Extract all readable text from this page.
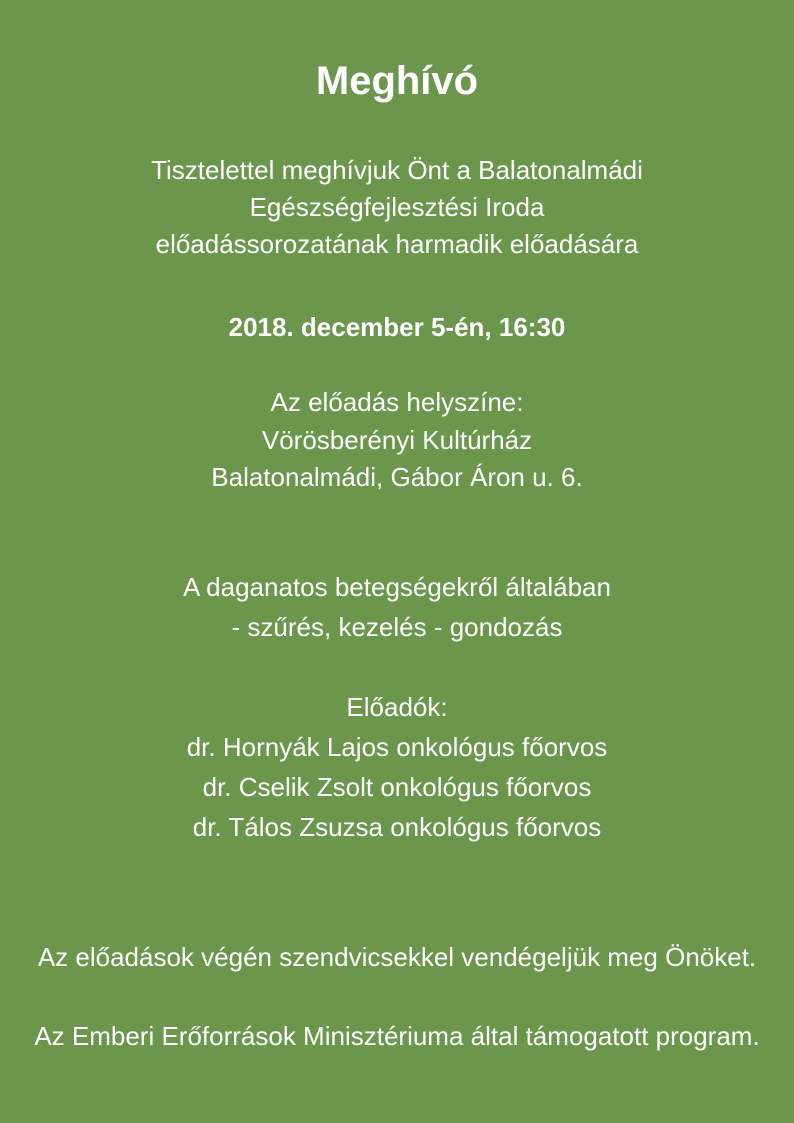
Meghívó
Tisztelettel meghívjuk Önt a Balatonalmádi
Egészségfejlesztési Iroda
előadássorozatának harmadik előadására
2018. december 5-én, 16:30
Az előadás helyszíne:
Vörösberényi Kultúrház
Balatonalmádi, Gábor Áron u. 6.
A daganatos betegségekről általában
- szűrés, kezelés - gondozás
Előadók:
dr. Hornyák Lajos onkológus főorvos
dr. Cselik Zsolt onkológus főorvos
dr. Tálos Zsuzsa onkológus főorvos
Az előadások végén szendvicsekkel vendégeljük meg Önöket.
Az Emberi Erőforrások Minisztériuma által támogatott program.
